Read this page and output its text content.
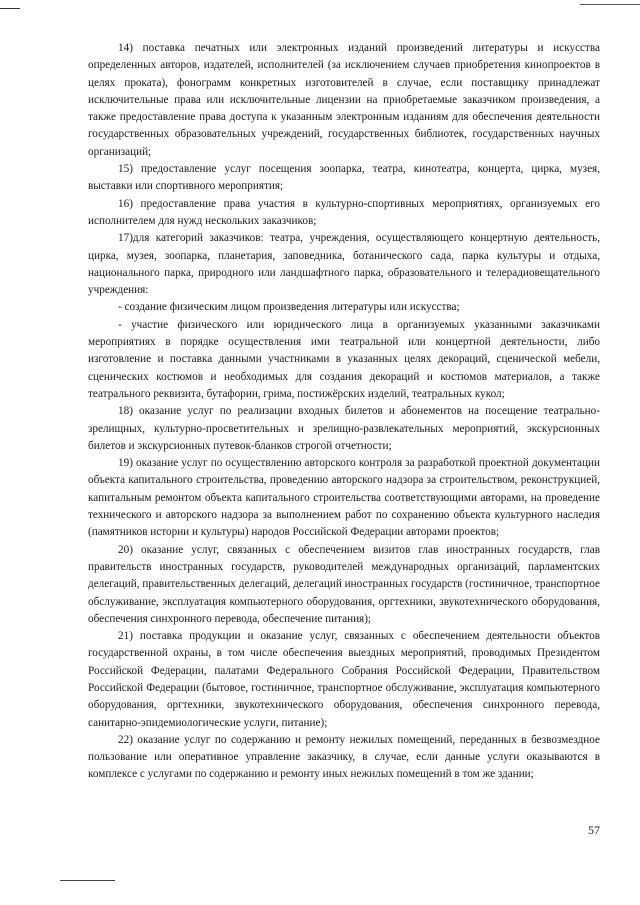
14) поставка печатных или электронных изданий произведений литературы и искусства определенных авторов, издателей, исполнителей (за исключением случаев приобретения кинопроектов в целях проката), фонограмм конкретных изготовителей в случае, если поставщику принадлежат исключительные права или исключительные лицензии на приобретаемые заказчиком произведения, а также предоставление права доступа к указанным электронным изданиям для обеспечения деятельности государственных образовательных учреждений, государственных библиотек, государственных научных организаций;

15) предоставление услуг посещения зоопарка, театра, кинотеатра, концерта, цирка, музея, выставки или спортивного мероприятия;

16) предоставление права участия в культурно-спортивных мероприятиях, организуемых его исполнителем для нужд нескольких заказчиков;

17)для категорий заказчиков: театра, учреждения, осуществляющего концертную деятельность, цирка, музея, зоопарка, планетария, заповедника, ботанического сада, парка культуры и отдыха, национального парка, природного или ландшафтного парка, образовательного и телерадиовещательного учреждения:

- создание физическим лицом произведения литературы или искусства;

- участие физического или юридического лица в организуемых указанными заказчиками мероприятиях в порядке осуществления ими театральной или концертной деятельности, либо изготовление и поставка данными участниками в указанных целях декораций, сценической мебели, сценических костюмов и необходимых для создания декораций и костюмов материалов, а также театрального реквизита, бутафории, грима, постижёрских изделий, театральных кукол;

18) оказание услуг по реализации входных билетов и абонементов на посещение театрально-зрелищных, культурно-просветительных и зрелищно-развлекательных мероприятий, экскурсионных билетов и экскурсионных путевок-бланков строгой отчетности;

19) оказание услуг по осуществлению авторского контроля за разработкой проектной документации объекта капитального строительства, проведению авторского надзора за строительством, реконструкцией, капитальным ремонтом объекта капитального строительства соответствующими авторами, на проведение технического и авторского надзора за выполнением работ по сохранению объекта культурного наследия (памятников истории и культуры) народов Российской Федерации авторами проектов;

20) оказание услуг, связанных с обеспечением визитов глав иностранных государств, глав правительств иностранных государств, руководителей международных организаций, парламентских делегаций, правительственных делегаций, делегаций иностранных государств (гостиничное, транспортное обслуживание, эксплуатация компьютерного оборудования, оргтехники, звукотехнического оборудования, обеспечения синхронного перевода, обеспечение питания);

21) поставка продукции и оказание услуг, связанных с обеспечением деятельности объектов государственной охраны, в том числе обеспечения выездных мероприятий, проводимых Президентом Российской Федерации, палатами Федерального Собрания Российской Федерации, Правительством Российской Федерации (бытовое, гостиничное, транспортное обслуживание, эксплуатация компьютерного оборудования, оргтехники, звукотехнического оборудования, обеспечения синхронного перевода, санитарно-эпидемиологические услуги, питание);

22) оказание услуг по содержанию и ремонту нежилых помещений, переданных в безвозмездное пользование или оперативное управление заказчику, в случае, если данные услуги оказываются в комплексе с услугами по содержанию и ремонту иных нежилых помещений в том же здании;

57
